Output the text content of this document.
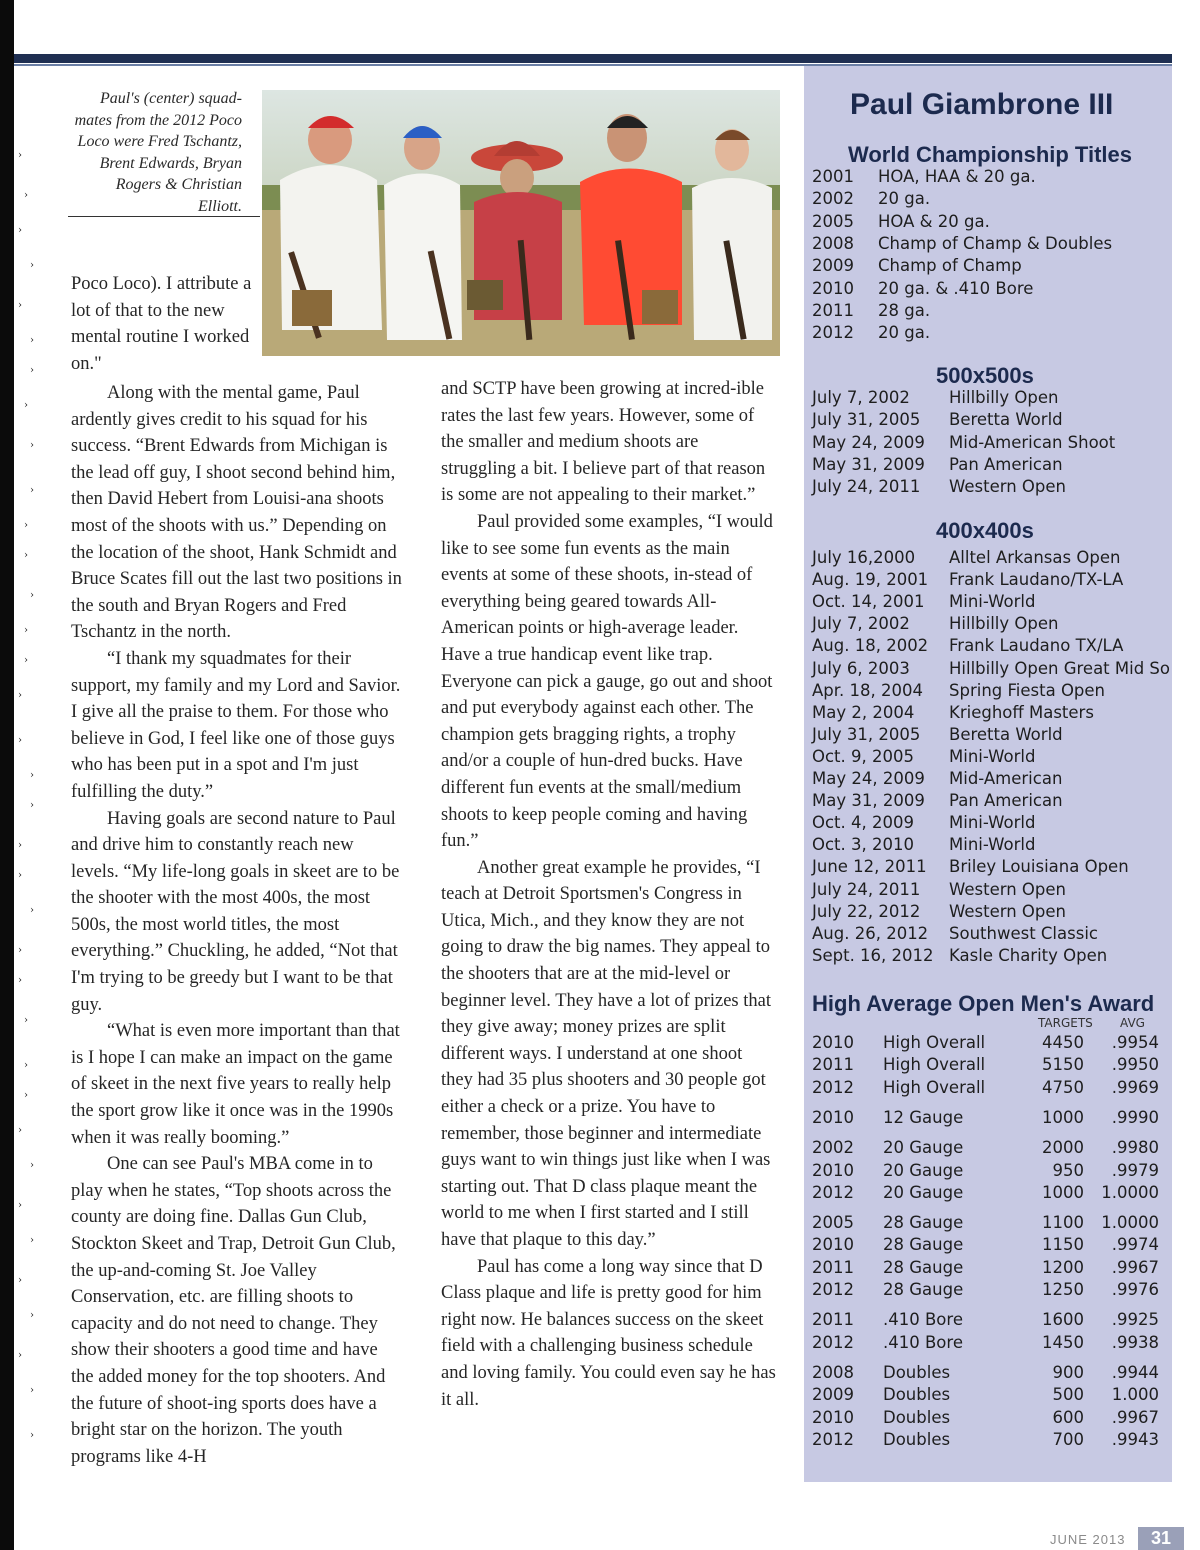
Paul's (center) squad-mates from the 2012 Poco Loco were Fred Tschantz, Brent Edwards, Bryan Rogers & Christian Elliott.
Poco Loco). I attribute a lot of that to the new mental routine I worked on."

Along with the mental game, Paul ardently gives credit to his squad for his success. “Brent Edwards from Michigan is the lead off guy, I shoot second behind him, then David Hebert from Louisi-ana shoots most of the shoots with us.” Depending on the location of the shoot, Hank Schmidt and Bruce Scates fill out the last two positions in the south and Bryan Rogers and Fred Tschantz in the north.

“I thank my squadmates for their support, my family and my Lord and Savior. I give all the praise to them. For those who believe in God, I feel like one of those guys who has been put in a spot and I'm just fulfilling the duty.”

Having goals are second nature to Paul and drive him to constantly reach new levels. “My life-long goals in skeet are to be the shooter with the most 400s, the most 500s, the most world titles, the most everything.” Chuckling, he added, “Not that I'm trying to be greedy but I want to be that guy.

“What is even more important than that is I hope I can make an impact on the game of skeet in the next five years to really help the sport grow like it once was in the 1990s when it was really booming.”

One can see Paul's MBA come in to play when he states, “Top shoots across the county are doing fine. Dallas Gun Club, Stockton Skeet and Trap, Detroit Gun Club, the up-and-coming St. Joe Valley Conservation, etc. are filling shoots to capacity and do not need to change. They show their shooters a good time and have the added money for the top shooters. And the future of shoot-ing sports does have a bright star on the horizon. The youth programs like 4-H

and SCTP have been growing at incred-ible rates the last few years. However, some of the smaller and medium shoots are struggling a bit. I believe part of that reason is some are not appealing to their market.”

Paul provided some examples, “I would like to see some fun events as the main events at some of these shoots, in-stead of everything being geared towards All-American points or high-average leader. Have a true handicap event like trap. Everyone can pick a gauge, go out and shoot and put everybody against each other. The champion gets bragging rights, a trophy and/or a couple of hun-dred bucks. Have different fun events at the small/medium shoots to keep people coming and having fun.”

Another great example he provides, “I teach at Detroit Sportsmen's Congress in Utica, Mich., and they know they are not going to draw the big names. They appeal to the shooters that are at the mid-level or beginner level. They have a lot of prizes that they give away; money prizes are split different ways. I understand at one shoot they had 35 plus shooters and 30 people got either a check or a prize. You have to remember, those beginner and intermediate guys want to win things just like when I was starting out. That D class plaque meant the world to me when I first started and I still have that plaque to this day.”

Paul has come a long way since that D Class plaque and life is pretty good for him right now. He balances success on the skeet field with a challenging business schedule and loving family. You could even say he has it all.

Paul Giambrone III
World Championship Titles
500x500s
400x400s
High Average Open Men's Award
TARGETS AVG
2001 HOA, HAA & 20 ga.
2002 20 ga.
2005 HOA & 20 ga.
2008 Champ of Champ & Doubles
2009 Champ of Champ
2010 20 ga. & .410 Bore
2011 28 ga.
2012 20 ga.
July 7, 2002 Hillbilly Open
July 31, 2005 Beretta World
May 24, 2009 Mid-American Shoot
May 31, 2009 Pan American
July 24, 2011 Western Open
July 16,2000 Alltel Arkansas Open
Aug. 19, 2001 Frank Laudano/TX-LA
Oct. 14, 2001 Mini-World
July 7, 2002 Hillbilly Open
Aug. 18, 2002 Frank Laudano TX/LA
July 6, 2003 Hillbilly Open Great Mid So
Apr. 18, 2004 Spring Fiesta Open
May 2, 2004 Krieghoff Masters
July 31, 2005 Beretta World
Oct. 9, 2005 Mini-World
May 24, 2009 Mid-American
May 31, 2009 Pan American
Oct. 4, 2009 Mini-World
Oct. 3, 2010 Mini-World
June 12, 2011 Briley Louisiana Open
July 24, 2011 Western Open
July 22, 2012 Western Open
Aug. 26, 2012 Southwest Classic
Sept. 16, 2012 Kasle Charity Open
2010 High Overall	4450 .9954
2011 High Overall	5150 .9950
2012 High Overall	4750 .9969
2010 12 Gauge	1000 .9990
2002 20 Gauge	2000 .9980
2010 20 Gauge	950 .9979
2012 20 Gauge	1000 1.0000
2005 28 Gauge	1100 1.0000
2010 28 Gauge	1150 .9974
2011 28 Gauge	1200 .9967
2012 28 Gauge	1250 .9976
2011 .410 Bore	1600 .9925
2012 .410 Bore	1450 .9938
2008 Doubles	900 .9944
2009 Doubles	500 1.000
2010 Doubles	600 .9967
2012 Doubles	700 .9943
JUNE 2013	31
›
›
›
›
›
›
›
›
›
›
›
›
›
›
›
›
›
›
›
›
›
›
›
›
›
›
›
›
›
›
›
›
›
›
›
›
